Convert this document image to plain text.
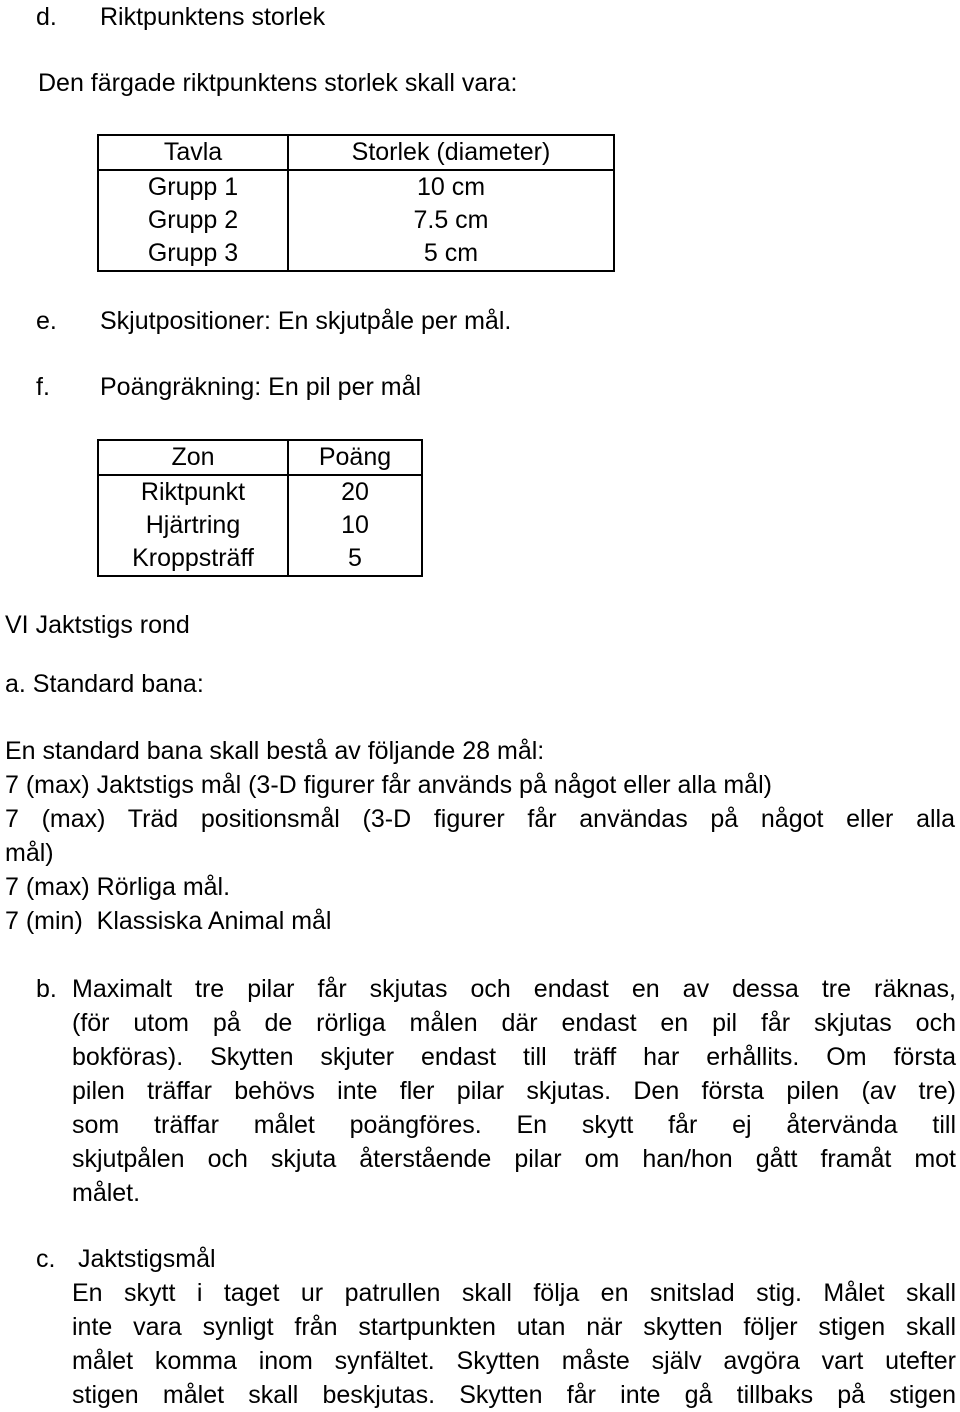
d. Riktpunktens storlek
Den färgade riktpunktens storlek skall vara:
Tavla	Storlek (diameter)
Grupp 1	10 cm
Grupp 2	7.5 cm
Grupp 3	5 cm
e. Skjutpositioner: En skjutpåle per mål.
f. Poängräkning: En pil per mål
Zon	Poäng
Riktpunkt	20
Hjärtring	10
Kroppsträff	5
VI Jaktstigs rond
a. Standard bana:
En standard bana skall bestå av följande 28 mål:
7 (max) Jaktstigs mål (3-D figurer får används på något eller alla mål)
7 (max) Träd positionsmål (3-D figurer får användas på något eller alla
mål)
7 (max) Rörliga mål.
7 (min)  Klassiska Animal mål
b. Maximalt tre pilar får skjutas och endast en av dessa tre räknas,
(för utom på de rörliga målen där endast en pil får skjutas och
bokföras). Skytten skjuter endast till träff har erhållits. Om första
pilen träffar behövs inte fler pilar skjutas. Den första pilen (av tre)
som träffar målet poängföres. En skytt får ej återvända till
skjutpålen och skjuta återstående pilar om han/hon gått framåt mot
målet.
c. Jaktstigsmål
En skytt i taget ur patrullen skall följa en snitslad stig. Målet skall
inte vara synligt från startpunkten utan när skytten följer stigen skall
målet komma inom synfältet. Skytten måste själv avgöra vart utefter
stigen målet skall beskjutas. Skytten får inte gå tillbaks på stigen
